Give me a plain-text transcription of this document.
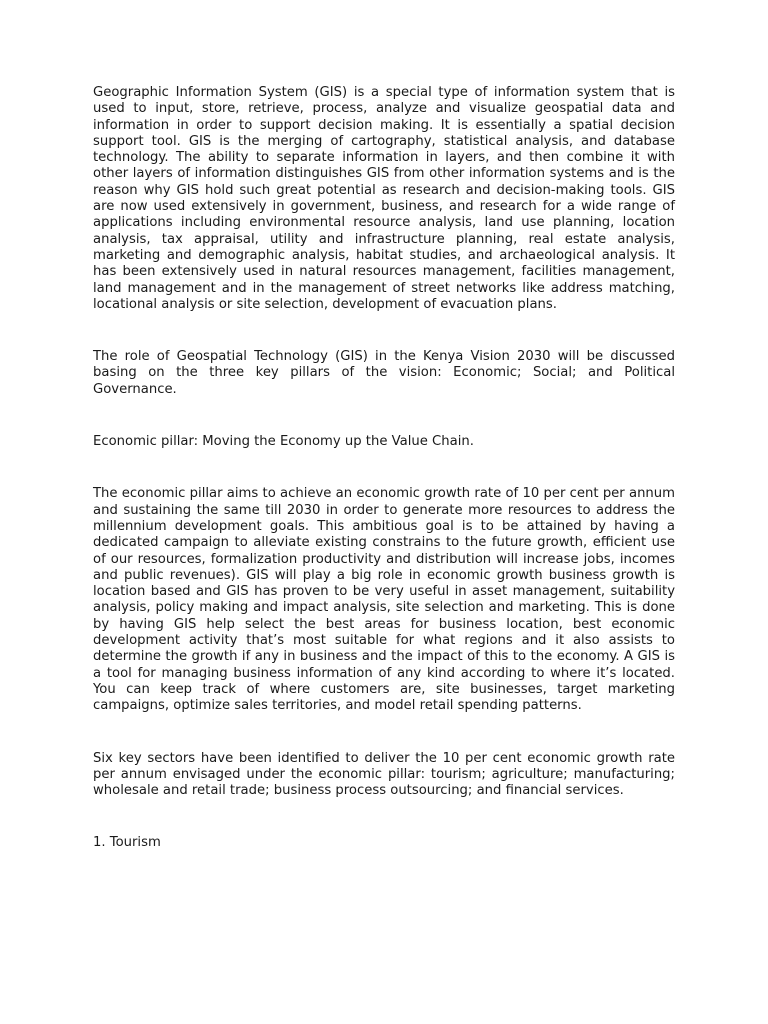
Geographic Information System (GIS) is a special type of information system that is used to input, store, retrieve, process, analyze and visualize geospatial data and information in order to support decision making. It is essentially a spatial decision support tool. GIS is the merging of cartography, statistical analysis, and database technology. The ability to separate information in layers, and then combine it with other layers of information distinguishes GIS from other information systems and is the reason why GIS hold such great potential as research and decision-making tools. GIS are now used extensively in government, business, and research for a wide range of applications including environmental resource analysis, land use planning, location analysis, tax appraisal, utility and infrastructure planning, real estate analysis, marketing and demographic analysis, habitat studies, and archaeological analysis. It has been extensively used in natural resources management, facilities management, land management and in the management of street networks like address matching, locational analysis or site selection, development of evacuation plans.

The role of Geospatial Technology (GIS) in the Kenya Vision 2030 will be discussed basing on the three key pillars of the vision: Economic; Social; and Political Governance.

Economic pillar: Moving the Economy up the Value Chain.

The economic pillar aims to achieve an economic growth rate of 10 per cent per annum and sustaining the same till 2030 in order to generate more resources to address the millennium development goals. This ambitious goal is to be attained by having a dedicated campaign to alleviate existing constrains to the future growth, efficient use of our resources, formalization productivity and distribution will increase jobs, incomes and public revenues). GIS will play a big role in economic growth business growth is location based and GIS has proven to be very useful in asset management, suitability analysis, policy making and impact analysis, site selection and marketing. This is done by having GIS help select the best areas for business location, best economic development activity that’s most suitable for what regions and it also assists to determine the growth if any in business and the impact of this to the economy. A GIS is a tool for managing business information of any kind according to where it’s located. You can keep track of where customers are, site businesses, target marketing campaigns, optimize sales territories, and model retail spending patterns.

Six key sectors have been identified to deliver the 10 per cent economic growth rate per annum envisaged under the economic pillar: tourism; agriculture; manufacturing; wholesale and retail trade; business process outsourcing; and financial services.

1. Tourism
